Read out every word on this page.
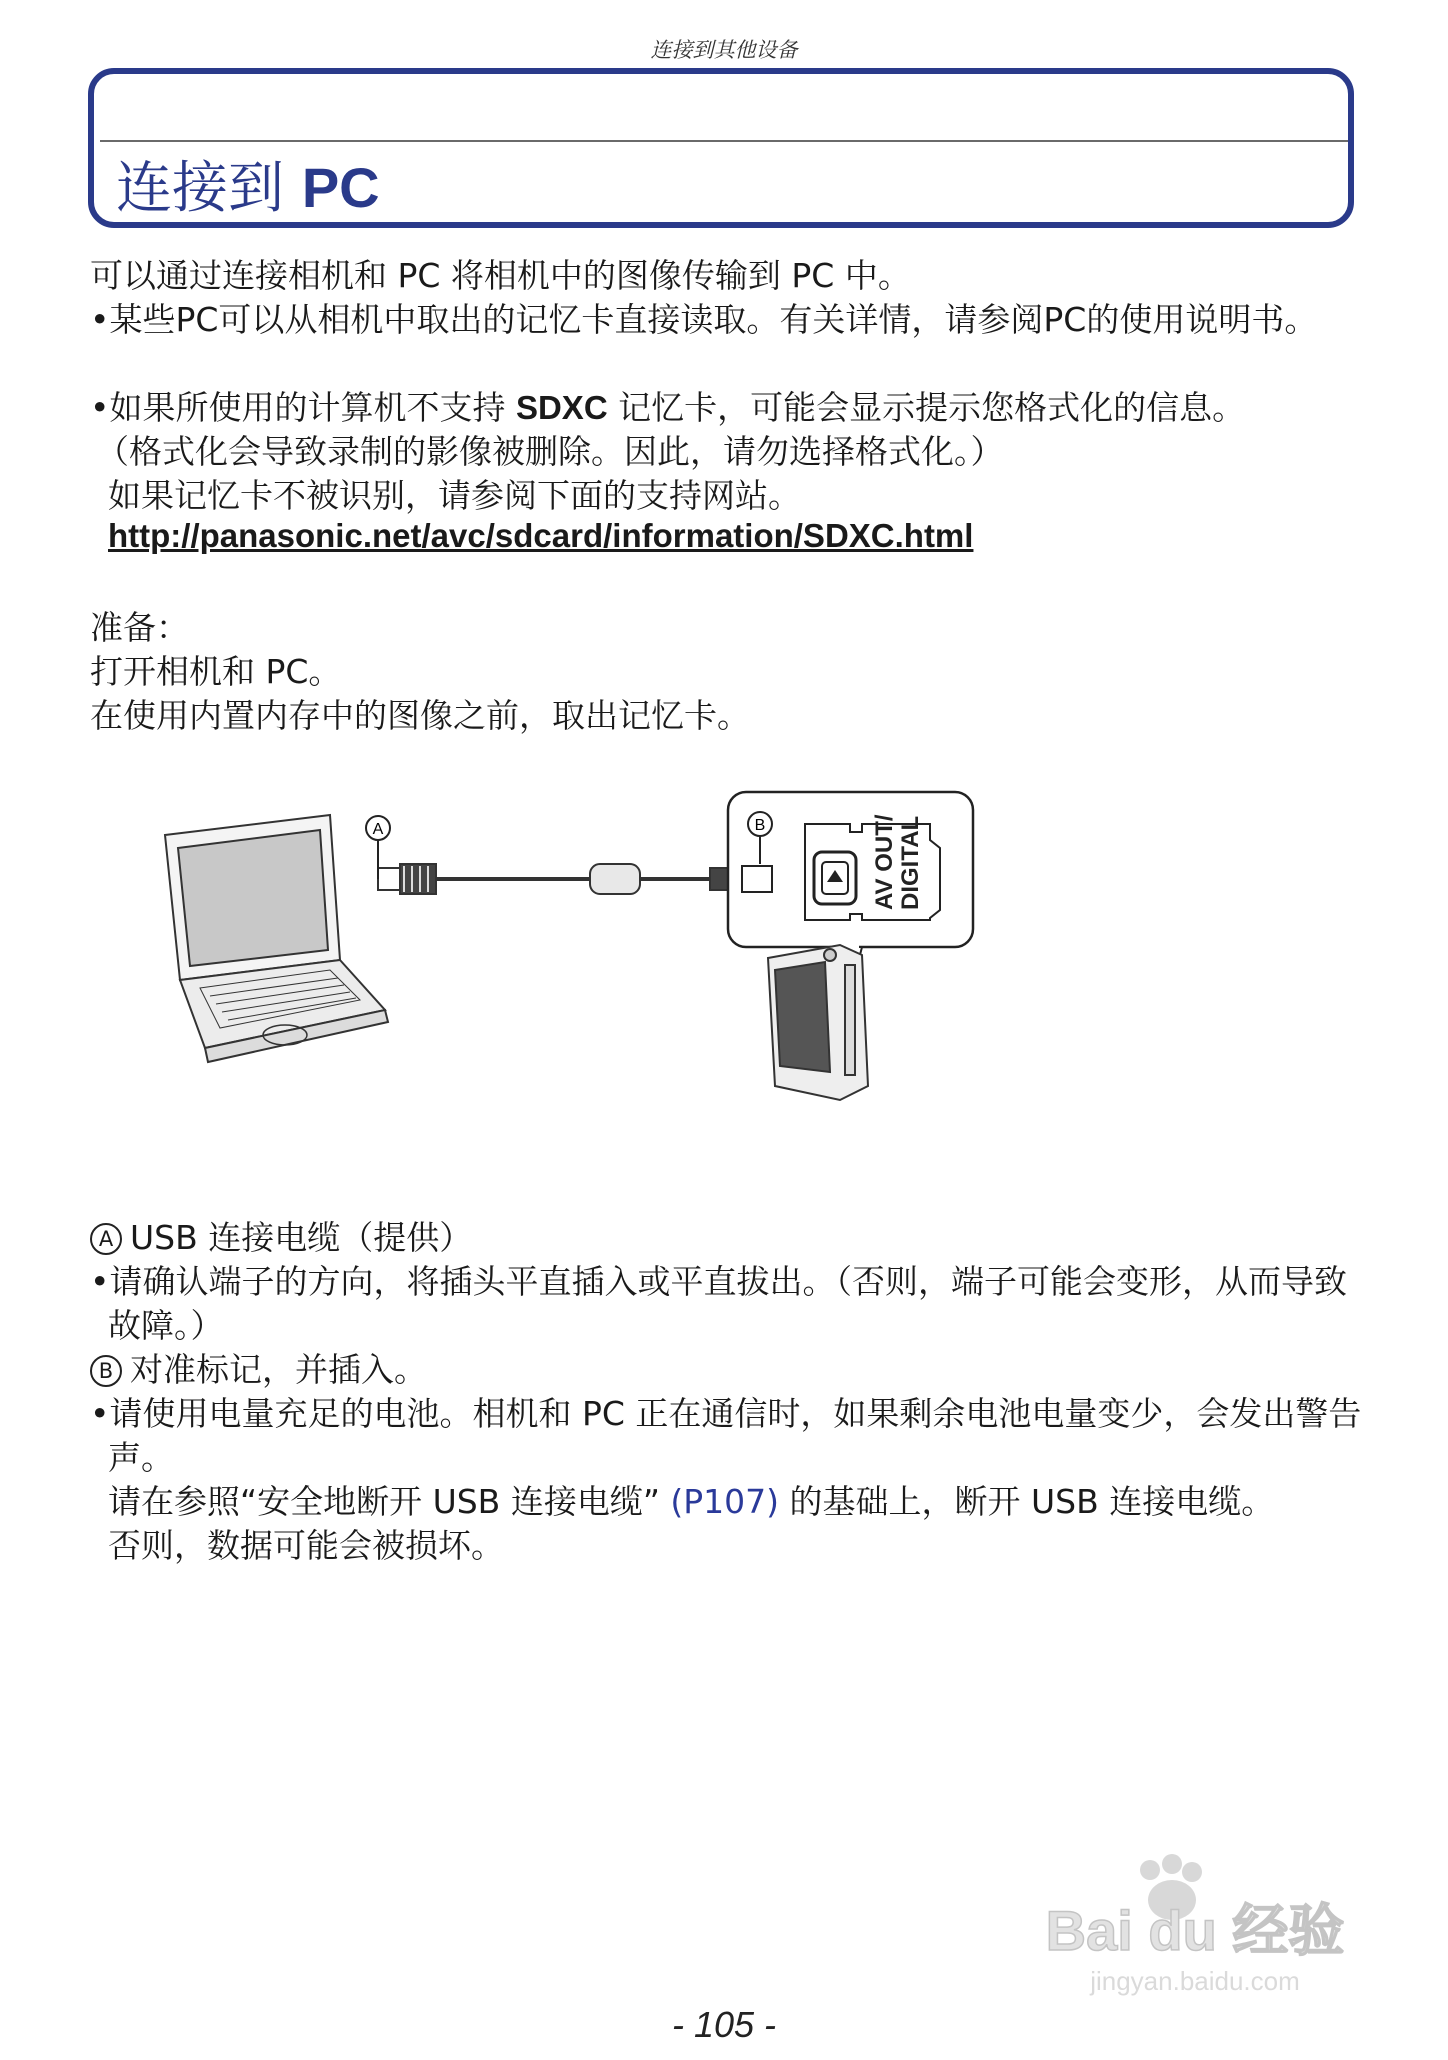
连接到其他设备
连接到 PC

可以通过连接相机和 PC 将相机中的图像传输到 PC 中。

•某些PC可以从相机中取出的记忆卡直接读取。有关详情，请参阅PC的使用说明书。

•如果所使用的计算机不支持 SDXC 记忆卡，可能会显示提示您格式化的信息。

（格式化会导致录制的影像被删除。因此，请勿选择格式化。）

如果记忆卡不被识别，请参阅下面的支持网站。

http://panasonic.net/avc/sdcard/information/SDXC.html

准备：

打开相机和 PC。

在使用内置内存中的图像之前，取出记忆卡。

A	B	AV OUT/ DIGITAL

A USB 连接电缆（提供）

•请确认端子的方向，将插头平直插入或平直拔出。（否则，端子可能会变形，从而导致故障。）

B 对准标记，并插入。

•请使用电量充足的电池。相机和 PC 正在通信时，如果剩余电池电量变少，会发出警告声。

请在参照“安全地断开 USB 连接电缆” (P107) 的基础上，断开 USB 连接电缆。

否则，数据可能会被损坏。

Bai du 经验
jingyan.baidu.com
- 105 -
